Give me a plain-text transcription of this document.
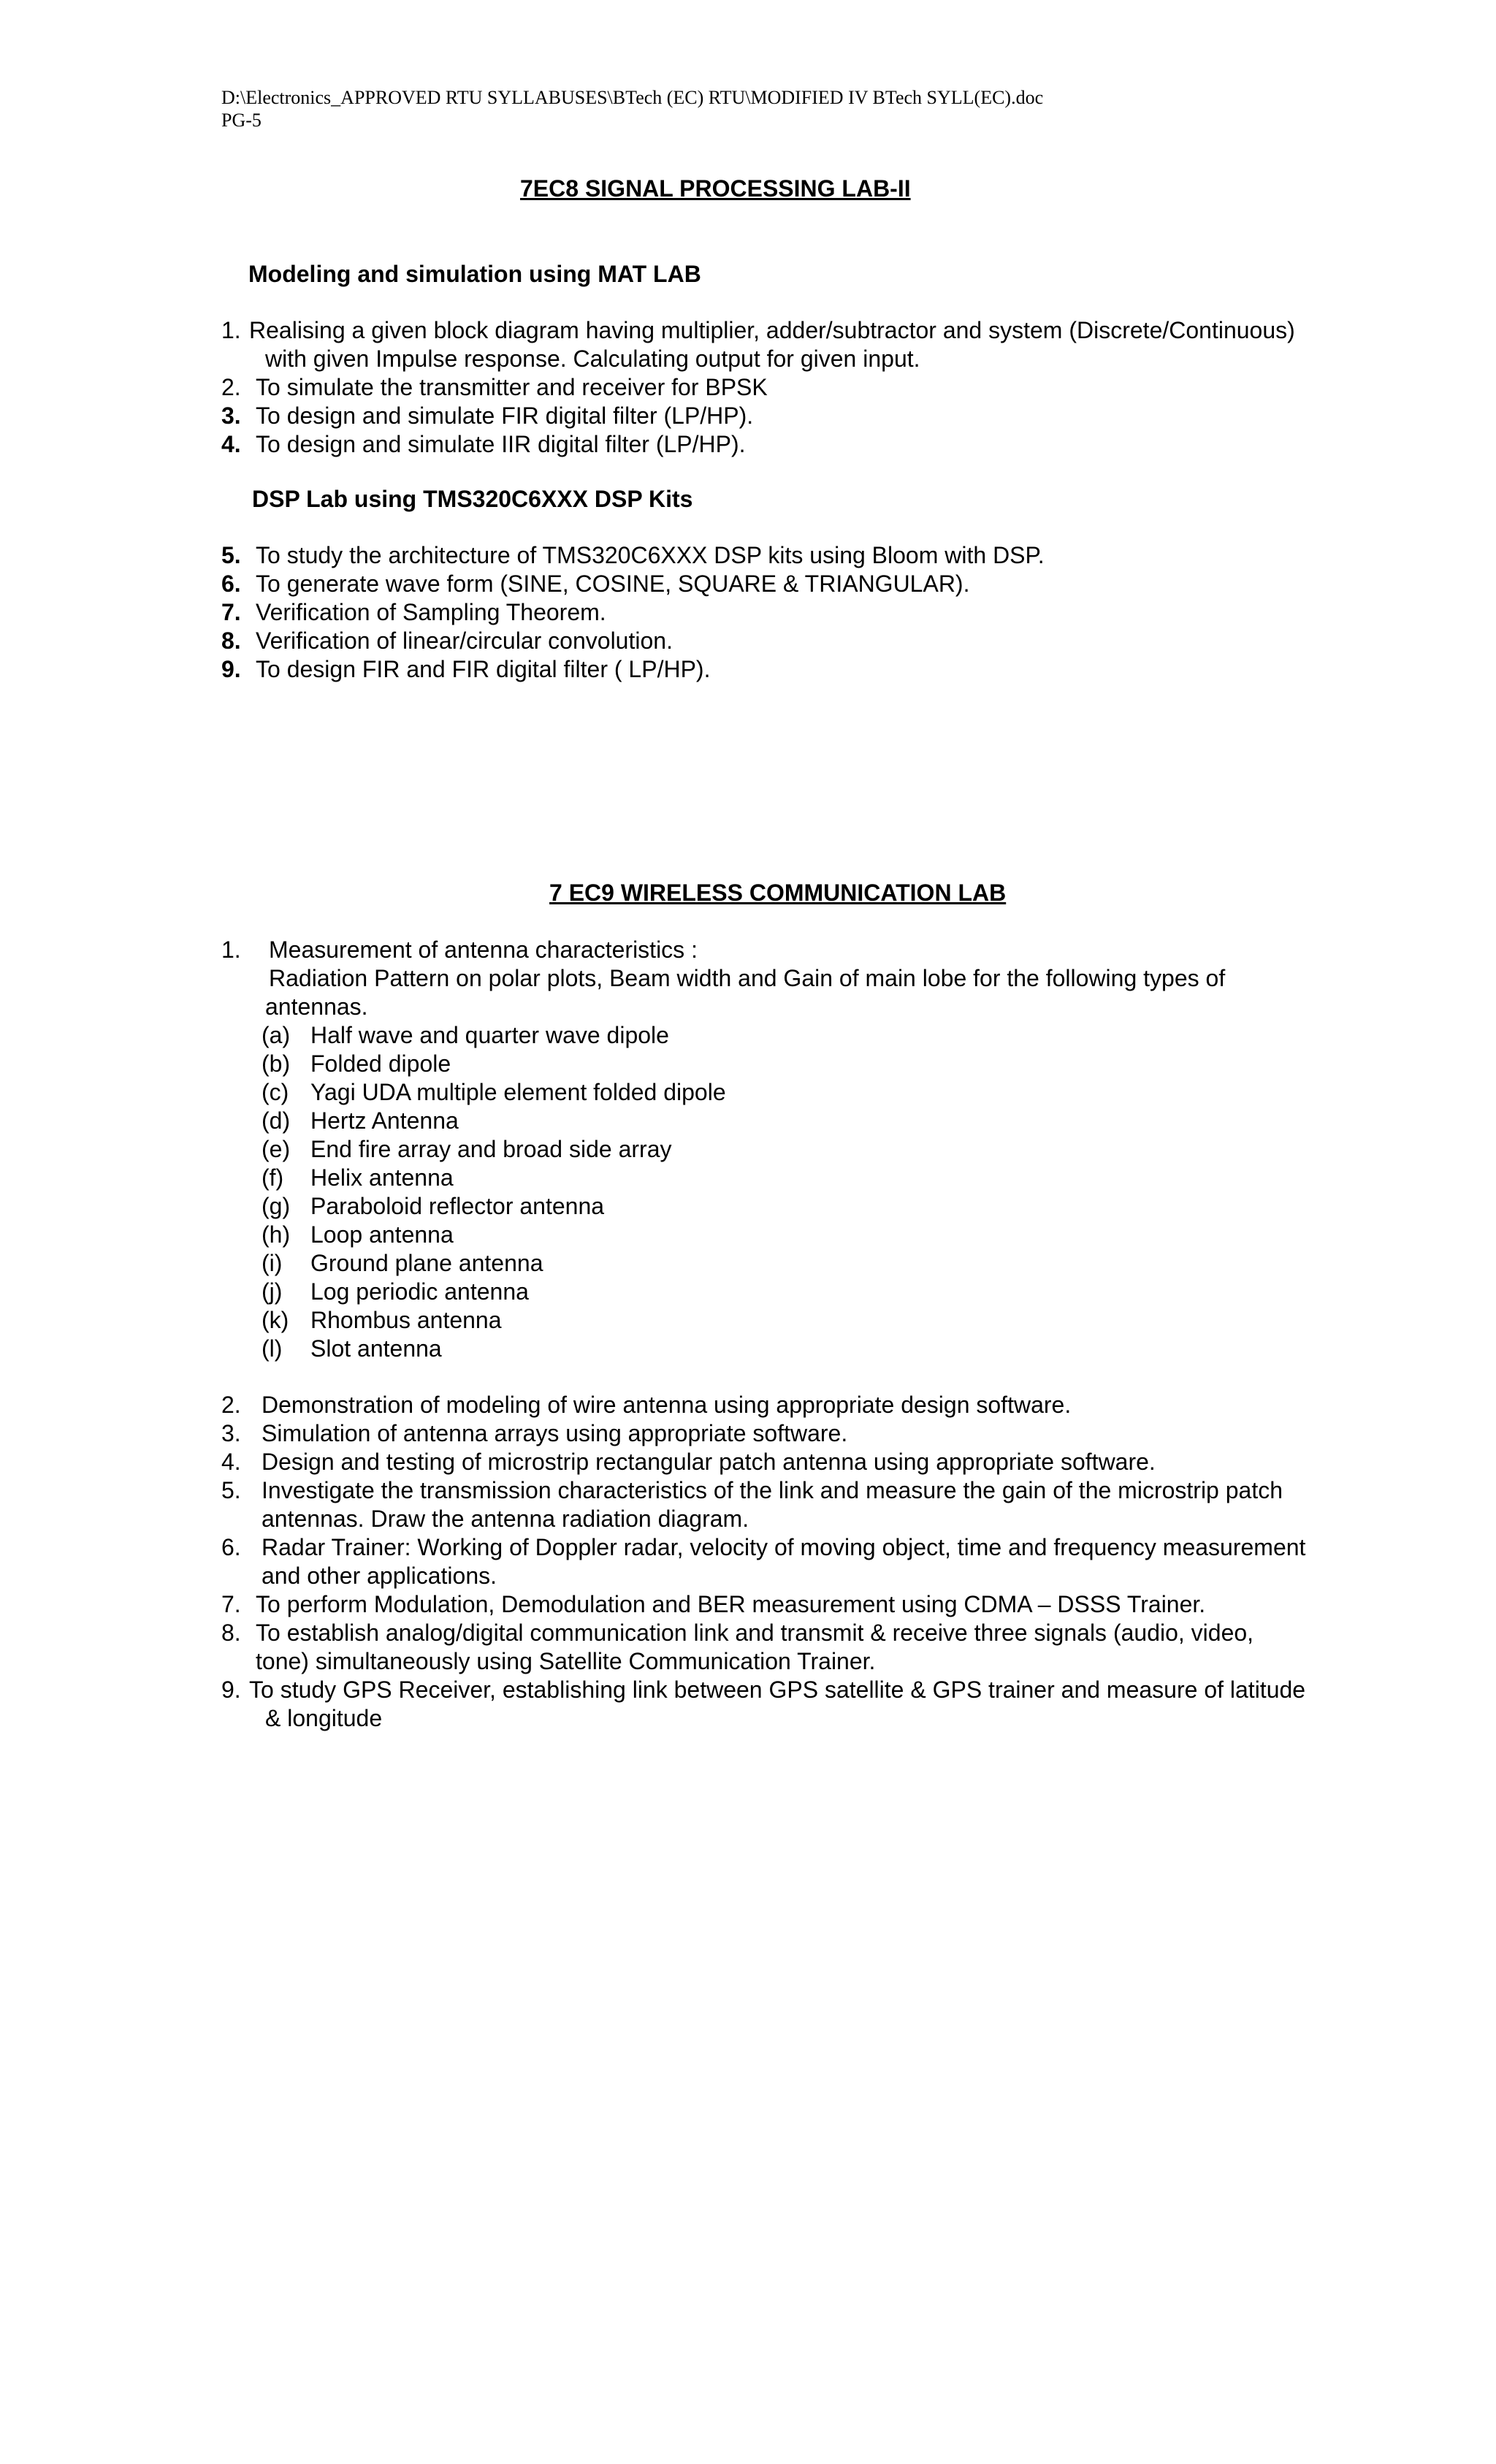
D:\Electronics_APPROVED RTU SYLLABUSES\BTech (EC) RTU\MODIFIED IV BTech SYLL(EC).doc
PG-5
7EC8 SIGNAL PROCESSING LAB-II
Modeling and simulation using MAT LAB
1. Realising a given block diagram having multiplier, adder/subtractor and system (Discrete/Continuous)
with given Impulse response. Calculating output for given input.
2. To simulate the transmitter and receiver for BPSK
3. To design and simulate FIR digital filter (LP/HP).
4. To design and simulate IIR digital filter (LP/HP).
DSP Lab using TMS320C6XXX DSP Kits
5. To study the architecture of TMS320C6XXX DSP kits using Bloom with DSP.
6. To generate wave form (SINE, COSINE, SQUARE & TRIANGULAR).
7. Verification of Sampling Theorem.
8. Verification of linear/circular convolution.
9. To design FIR and FIR digital filter ( LP/HP).
7 EC9 WIRELESS COMMUNICATION LAB
1. Measurement of antenna characteristics :
Radiation Pattern on polar plots, Beam width and Gain of main lobe for the following types of
antennas.
(a) Half wave and quarter wave dipole
(b) Folded dipole
(c) Yagi UDA multiple element folded dipole
(d) Hertz Antenna
(e) End fire array and broad side array
(f) Helix antenna
(g) Paraboloid reflector antenna
(h) Loop antenna
(i) Ground plane antenna
(j) Log periodic antenna
(k) Rhombus antenna
(l) Slot antenna
2. Demonstration of modeling of wire antenna using appropriate design software.
3. Simulation of antenna arrays using appropriate software.
4. Design and testing of microstrip rectangular patch antenna using appropriate software.
5. Investigate the transmission characteristics of the link and measure the gain of the microstrip patch
antennas. Draw the antenna radiation diagram.
6. Radar Trainer: Working of Doppler radar, velocity of moving object, time and frequency measurement
and other applications.
7. To perform Modulation, Demodulation and BER measurement using CDMA – DSSS Trainer.
8. To establish analog/digital communication link and transmit & receive three signals (audio, video,
tone) simultaneously using Satellite Communication Trainer.
9. To study GPS Receiver, establishing link between GPS satellite & GPS trainer and measure of latitude
& longitude
